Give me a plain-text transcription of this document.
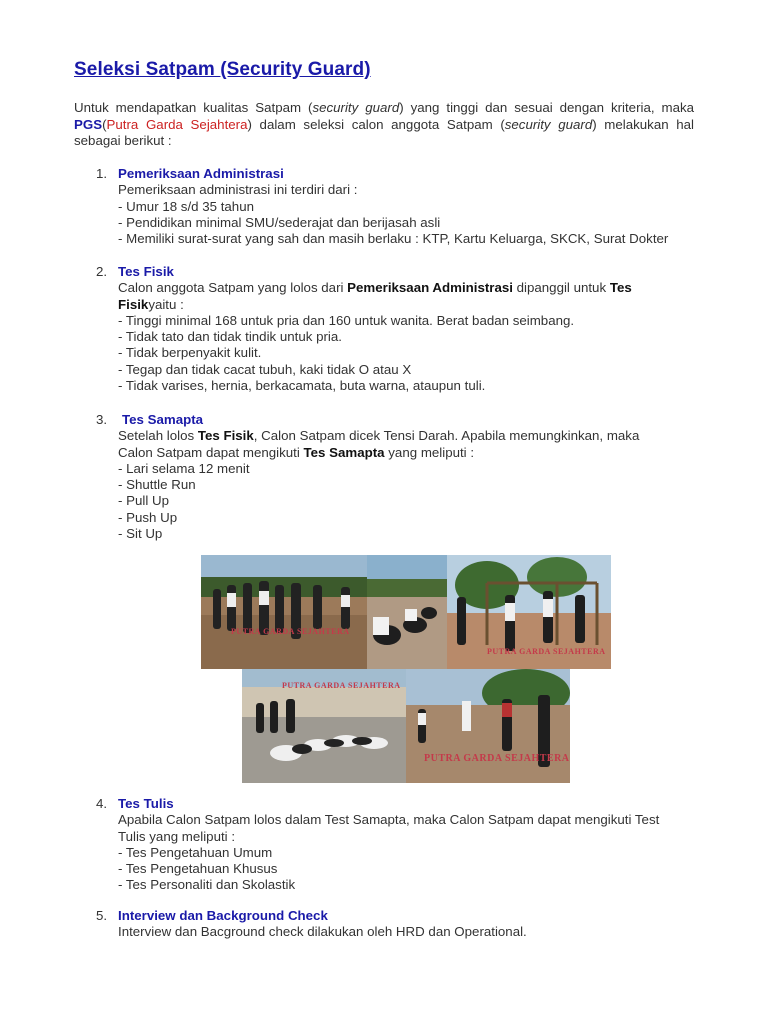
Seleksi Satpam (Security Guard)
Untuk mendapatkan kualitas Satpam (security guard) yang tinggi dan sesuai dengan kriteria, maka PGS(Putra Garda Sejahtera) dalam seleksi calon anggota Satpam (security guard) melakukan hal sebagai berikut :
1. Pemeriksaan Administrasi
Pemeriksaan administrasi ini terdiri dari :
- Umur 18 s/d 35 tahun
- Pendidikan minimal SMU/sederajat dan berijasah asli
- Memiliki surat-surat yang sah dan masih berlaku : KTP, Kartu Keluarga, SKCK, Surat Dokter
2. Tes Fisik
Calon anggota Satpam yang lolos dari Pemeriksaan Administrasi dipanggil untuk Tes Fisikyaitu :
- Tinggi minimal 168 untuk pria dan 160 untuk wanita. Berat badan seimbang.
- Tidak tato dan tidak tindik untuk pria.
- Tidak berpenyakit kulit.
- Tegap dan tidak cacat tubuh, kaki tidak O atau X
- Tidak varises, hernia, berkacamata, buta warna, ataupun tuli.
3. Tes Samapta
Setelah lolos Tes Fisik, Calon Satpam dicek Tensi Darah. Apabila memungkinkan, maka Calon Satpam dapat mengikuti Tes Samapta yang meliputi :
- Lari selama 12 menit
- Shuttle Run
- Pull Up
- Push Up
- Sit Up
PUTRA GARDA SEJAHTERA
PUTRA GARDA SEJAHTERA
PUTRA GARDA SEJAHTERA
PUTRA GARDA SEJAHTERA
4. Tes Tulis
Apabila Calon Satpam lolos dalam Test Samapta, maka Calon Satpam dapat mengikuti Test Tulis yang meliputi :
- Tes Pengetahuan Umum
- Tes Pengetahuan Khusus
- Tes Personaliti dan Skolastik
5. Interview dan Background Check
Interview dan Bacground check dilakukan oleh HRD dan Operational.
